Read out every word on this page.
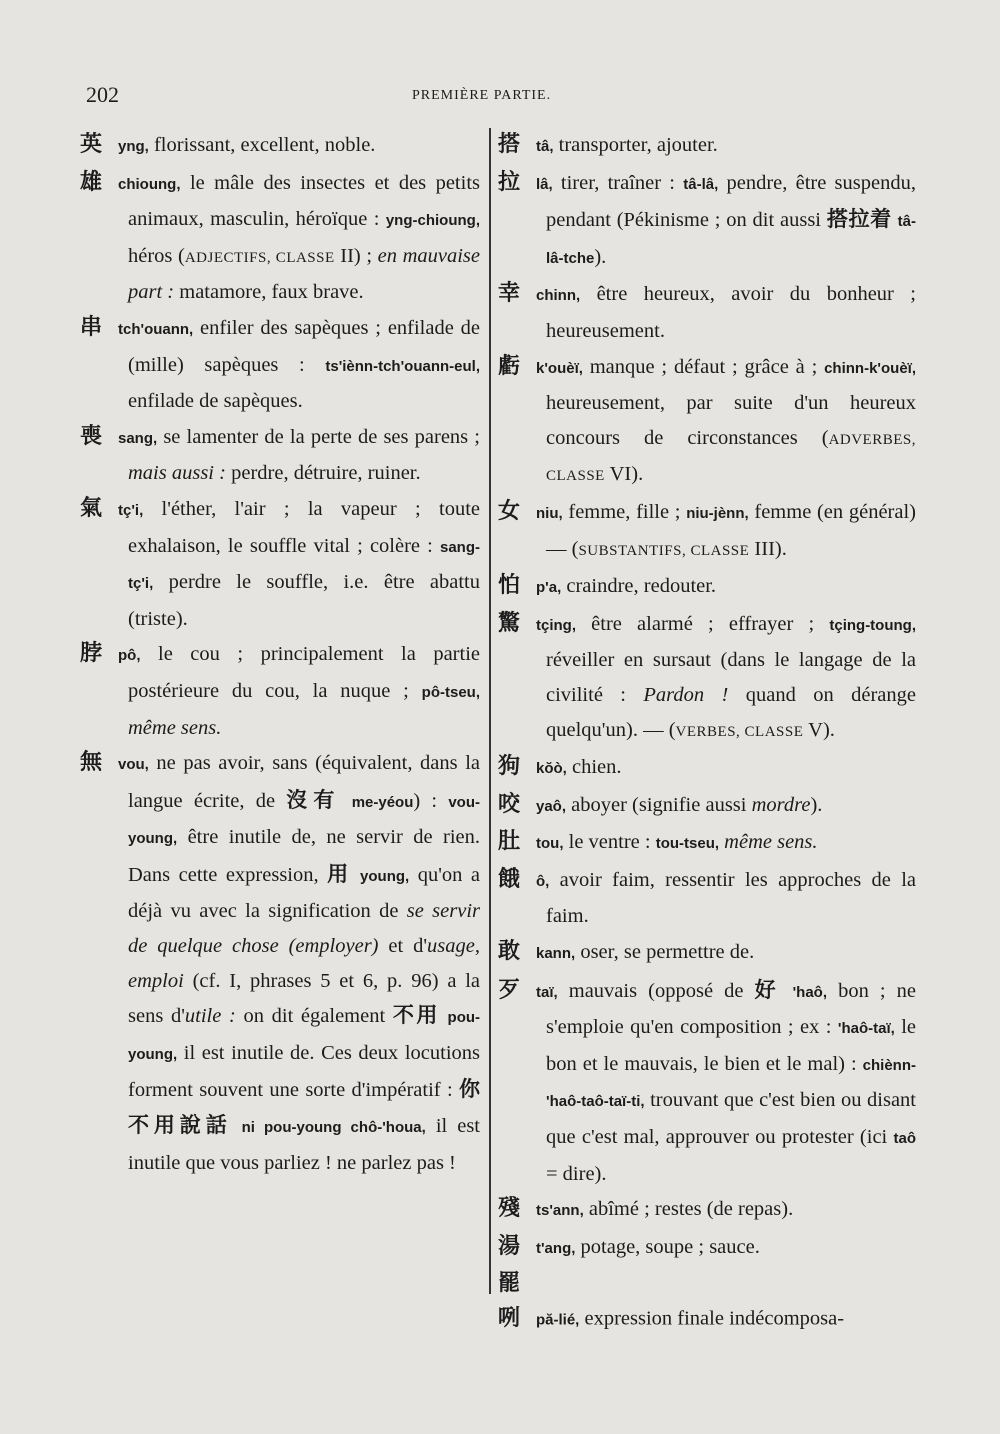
202	PREMIÈRE PARTIE.
英 yng, florissant, excellent, noble.
雄 chioung, le mâle des insectes et des petits animaux, masculin, héroïque : yng-chioung, héros (ADJECTIFS, CLASSE II) ; en mauvaise part : matamore, faux brave.
串 tch'ouann, enfiler des sapèques ; enfilade de (mille) sapèques : ts'iènn-tch'ouann-eul, enfilade de sapèques.
喪 sang, se lamenter de la perte de ses parens ; mais aussi : perdre, détruire, ruiner.
氣 tç'i, l'éther, l'air ; la vapeur ; toute exhalaison, le souffle vital ; colère : sang-tç'i, perdre le souffle, i.e. être abattu (triste).
脖 pô, le cou ; principalement la partie postérieure du cou, la nuque ; pô-tseu, même sens.
無 vou, ne pas avoir, sans (équivalent, dans la langue écrite, de 沒有 me-yéou) : vou-young, être inutile de, ne servir de rien. Dans cette expression, 用 young, qu'on a déjà vu avec la signification de se servir de quelque chose (employer) et d'usage, emploi (cf. I, phrases 5 et 6, p. 96) a la sens d'utile : on dit également 不用 pou-young, il est inutile de. Ces deux locutions forment souvent une sorte d'impératif : 你不用說話 ni pou-young chô-'houa, il est inutile que vous parliez ! ne parlez pas !
搭 tâ, transporter, ajouter.
拉 lâ, tirer, traîner : tâ-lâ, pendre, être suspendu, pendant (Pékinisme ; on dit aussi 搭拉着 tâ-lâ-tche).
幸 chinn, être heureux, avoir du bonheur ; heureusement.
虧 k'ouèï, manque ; défaut ; grâce à ; chinn-k'ouèï, heureusement, par suite d'un heureux concours de circonstances (ADVERBES, CLASSE VI).
女 niu, femme, fille ; niu-jènn, femme (en général) — (SUBSTANTIFS, CLASSE III).
怕 p'a, craindre, redouter.
驚 tçing, être alarmé ; effrayer ; tçing-toung, réveiller en sursaut (dans le langage de la civilité : Pardon ! quand on dérange quelqu'un). — (VERBES, CLASSE V).
狗 kŏò, chien.
咬 yaô, aboyer (signifie aussi mordre).
肚 tou, le ventre : tou-tseu, même sens.
餓 ô, avoir faim, ressentir les approches de la faim.
敢 kann, oser, se permettre de.
歹 taï, mauvais (opposé de 好 'haô, bon ; ne s'emploie qu'en composition ; ex : 'haô-taï, le bon et le mauvais, le bien et le mal) : chiènn-'haô-taô-taï-ti, trouvant que c'est bien ou disant que c'est mal, approuver ou protester (ici taô = dire).
殘 ts'ann, abîmé ; restes (de repas).
湯 t'ang, potage, soupe ; sauce.
罷咧 pă-lié, expression finale indécomposa-
